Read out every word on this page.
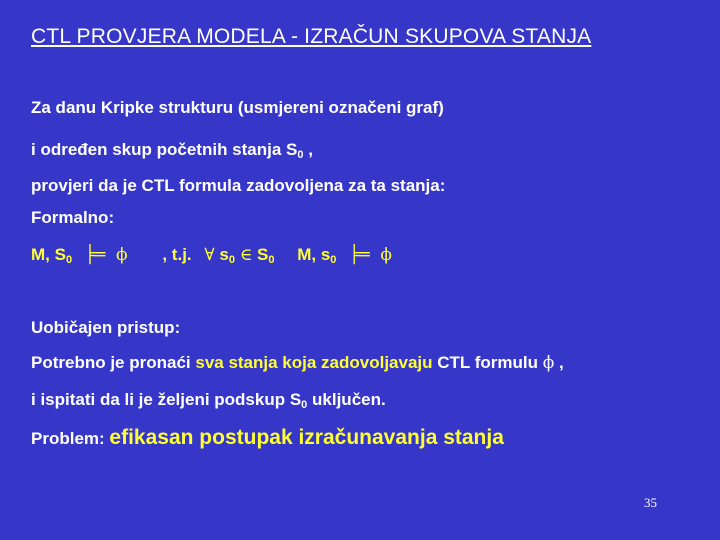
CTL PROVJERA MODELA - IZRAČUN SKUPOVA STANJA
Za danu Kripke strukturu (usmjereni označeni graf)
i određen skup početnih stanja $S_0$ ,
provjeri da je CTL formula zadovoljena za ta stanja:
Formalno:
M, $S_0$ ╞═ ϕ , t.j. ∀ $s_0$ ∈ $S_0$ M, $s_0$ ╞═ ϕ
Uobičajen pristup:
Potrebno je pronaći sva stanja koja zadovoljavaju CTL formulu ϕ ,
i ispitati da li je željeni podskup $S_0$ uključen.
Problem: efikasan postupak izračunavanja stanja
35
